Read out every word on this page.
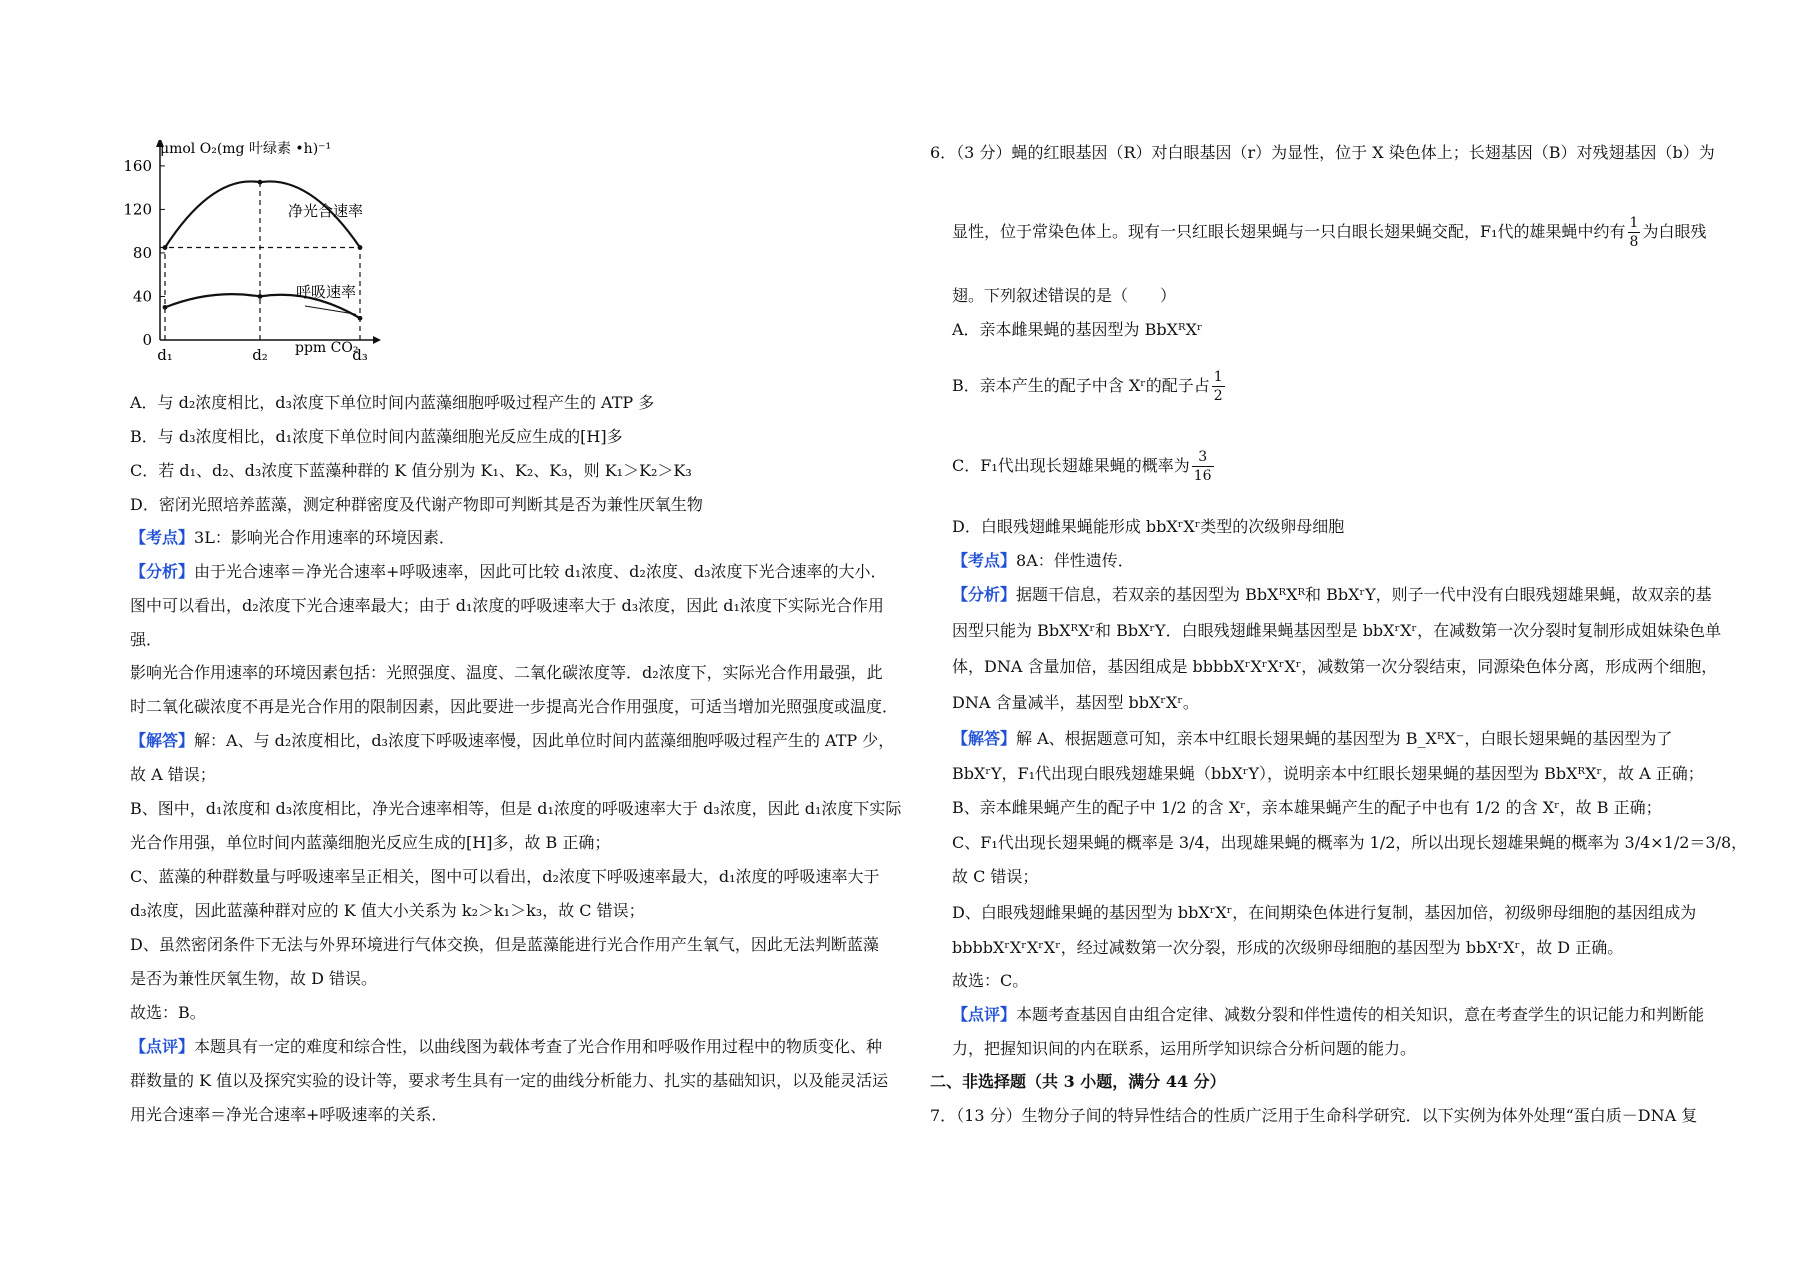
μmol O₂(mg 叶绿素 •h)⁻¹
160
120
80
40
0
d₁	d₂	d₃
ppm CO₂
净光合速率
呼吸速率
A．与 d₂浓度相比，d₃浓度下单位时间内蓝藻细胞呼吸过程产生的 ATP 多
B．与 d₃浓度相比，d₁浓度下单位时间内蓝藻细胞光反应生成的[H]多
C．若 d₁、d₂、d₃浓度下蓝藻种群的 K 值分别为 K₁、K₂、K₃，则 K₁＞K₂＞K₃
D．密闭光照培养蓝藻，测定种群密度及代谢产物即可判断其是否为兼性厌氧生物
【考点】3L：影响光合作用速率的环境因素．
【分析】由于光合速率＝净光合速率+呼吸速率，因此可比较 d₁浓度、d₂浓度、d₃浓度下光合速率的大小．
图中可以看出，d₂浓度下光合速率最大；由于 d₁浓度的呼吸速率大于 d₃浓度，因此 d₁浓度下实际光合作用
强．
影响光合作用速率的环境因素包括：光照强度、温度、二氧化碳浓度等．d₂浓度下，实际光合作用最强，此
时二氧化碳浓度不再是光合作用的限制因素，因此要进一步提高光合作用强度，可适当增加光照强度或温度．
【解答】解：A、与 d₂浓度相比，d₃浓度下呼吸速率慢，因此单位时间内蓝藻细胞呼吸过程产生的 ATP 少，
故 A 错误；
B、图中，d₁浓度和 d₃浓度相比，净光合速率相等，但是 d₁浓度的呼吸速率大于 d₃浓度，因此 d₁浓度下实际
光合作用强，单位时间内蓝藻细胞光反应生成的[H]多，故 B 正确；
C、蓝藻的种群数量与呼吸速率呈正相关，图中可以看出，d₂浓度下呼吸速率最大，d₁浓度的呼吸速率大于
d₃浓度，因此蓝藻种群对应的 K 值大小关系为 k₂＞k₁＞k₃，故 C 错误；
D、虽然密闭条件下无法与外界环境进行气体交换，但是蓝藻能进行光合作用产生氧气，因此无法判断蓝藻
是否为兼性厌氧生物，故 D 错误。
故选：B。
【点评】本题具有一定的难度和综合性，以曲线图为载体考查了光合作用和呼吸作用过程中的物质变化、种
群数量的 K 值以及探究实验的设计等，要求考生具有一定的曲线分析能力、扎实的基础知识，以及能灵活运
用光合速率＝净光合速率+呼吸速率的关系．
6．（3 分）蝇的红眼基因（R）对白眼基因（r）为显性，位于 X 染色体上；长翅基因（B）对残翅基因（b）为
显性，位于常染色体上。现有一只红眼长翅果蝇与一只白眼长翅果蝇交配，F₁代的雄果蝇中约有 $\frac{1}{8}$ 为白眼残
翅。下列叙述错误的是（　　）
A．亲本雌果蝇的基因型为 BbXᴿXʳ
B．亲本产生的配子中含 Xʳ的配子占 $\frac{1}{2}$
C．F₁代出现长翅雄果蝇的概率为 $\frac{3}{16}$
D．白眼残翅雌果蝇能形成 bbXʳXʳ类型的次级卵母细胞
【考点】8A：伴性遗传．
【分析】据题干信息，若双亲的基因型为 BbXᴿXᴿ和 BbXʳY，则子一代中没有白眼残翅雄果蝇，故双亲的基
因型只能为 BbXᴿXʳ和 BbXʳY．白眼残翅雌果蝇基因型是 bbXʳXʳ，在减数第一次分裂时复制形成姐妹染色单
体，DNA 含量加倍，基因组成是 bbbbXʳXʳXʳXʳ，减数第一次分裂结束，同源染色体分离，形成两个细胞，
DNA 含量减半，基因型 bbXʳXʳ。
【解答】解 A、根据题意可知，亲本中红眼长翅果蝇的基因型为 B_XᴿX⁻，白眼长翅果蝇的基因型为了
BbXʳY，F₁代出现白眼残翅雄果蝇（bbXʳY），说明亲本中红眼长翅果蝇的基因型为 BbXᴿXʳ，故 A 正确；
B、亲本雌果蝇产生的配子中 1/2 的含 Xʳ，亲本雄果蝇产生的配子中也有 1/2 的含 Xʳ，故 B 正确；
C、F₁代出现长翅果蝇的概率是 3/4，出现雄果蝇的概率为 1/2，所以出现长翅雄果蝇的概率为 3/4×1/2＝3/8，
故 C 错误；
D、白眼残翅雌果蝇的基因型为 bbXʳXʳ，在间期染色体进行复制，基因加倍，初级卵母细胞的基因组成为
bbbbXʳXʳXʳXʳ，经过减数第一次分裂，形成的次级卵母细胞的基因型为 bbXʳXʳ，故 D 正确。
故选：C。
【点评】本题考查基因自由组合定律、减数分裂和伴性遗传的相关知识，意在考查学生的识记能力和判断能
力，把握知识间的内在联系，运用所学知识综合分析问题的能力。
二、非选择题（共 3 小题，满分 44 分）
7．（13 分）生物分子间的特异性结合的性质广泛用于生命科学研究．以下实例为体外处理“蛋白质－DNA 复
